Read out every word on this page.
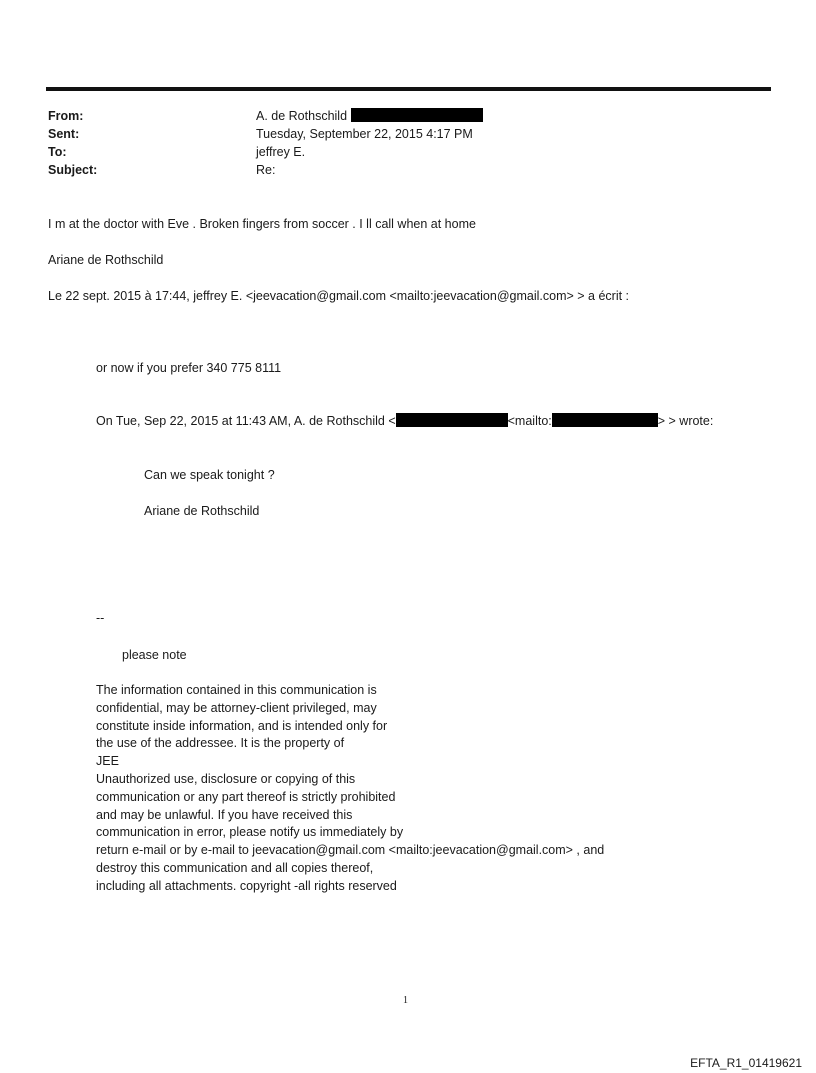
From:	A. de Rothschild
Sent:	Tuesday, September 22, 2015 4:17 PM
To:	jeffrey E.
Subject:	Re:
I m at the doctor with Eve . Broken fingers from soccer . I ll call when at home
Ariane de Rothschild
Le 22 sept. 2015 à 17:44, jeffrey E. <jeevacation@gmail.com <mailto:jeevacation@gmail.com> > a écrit :
or now if you prefer 340 775 8111
On Tue, Sep 22, 2015 at 11:43 AM, A. de Rothschild <	<mailto:	> > wrote:
Can we speak tonight ?
Ariane de Rothschild
--
please note
The information contained in this communication is
confidential, may be attorney-client privileged, may
constitute inside information, and is intended only for
the use of the addressee. It is the property of
JEE
Unauthorized use, disclosure or copying of this
communication or any part thereof is strictly prohibited
and may be unlawful. If you have received this
communication in error, please notify us immediately by
return e-mail or by e-mail to jeevacation@gmail.com <mailto:jeevacation@gmail.com> , and
destroy this communication and all copies thereof,
including all attachments. copyright -all rights reserved
1
EFTA_R1_01419621
